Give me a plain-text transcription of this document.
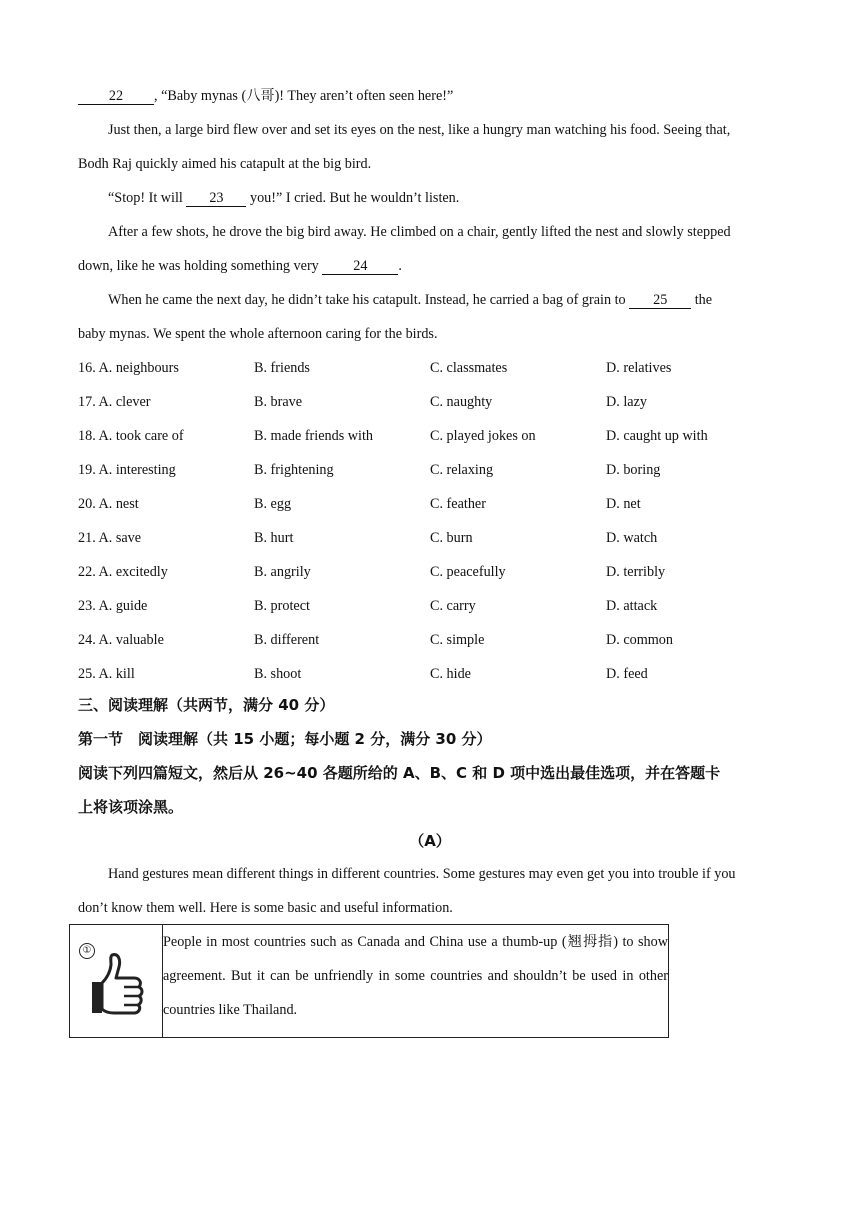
22 , “Baby mynas (八哥)! They aren’t often seen here!”
Just then, a large bird flew over and set its eyes on the nest, like a hungry man watching his food. Seeing that,
Bodh Raj quickly aimed his catapult at the big bird.
“Stop! It will 23 you!” I cried. But he wouldn’t listen.
After a few shots, he drove the big bird away. He climbed on a chair, gently lifted the nest and slowly stepped
down, like he was holding something very 24 .
When he came the next day, he didn’t take his catapult. Instead, he carried a bag of grain to 25 the
baby mynas. We spent the whole afternoon caring for the birds.
16. A. neighbours	B. friends	C. classmates	D. relatives
17. A. clever	B. brave	C. naughty	D. lazy
18. A. took care of	B. made friends with	C. played jokes on	D. caught up with
19. A. interesting	B. frightening	C. relaxing	D. boring
20. A. nest	B. egg	C. feather	D. net
21. A. save	B. hurt	C. burn	D. watch
22. A. excitedly	B. angrily	C. peacefully	D. terribly
23. A. guide	B. protect	C. carry	D. attack
24. A. valuable	B. different	C. simple	D. common
25. A. kill	B. shoot	C. hide	D. feed
三、阅读理解（共两节，满分 40 分）
第一节　阅读理解（共 15 小题；每小题 2 分，满分 30 分）
阅读下列四篇短文，然后从 26~40 各题所给的 A、B、C 和 D 项中选出最佳选项，并在答题卡
上将该项涂黑。
（A）
Hand gestures mean different things in different countries. Some gestures may even get you into trouble if you
don’t know them well. Here is some basic and useful information.
①
	People in most countries such as Canada and China use a thumb-up (翘拇指) to show agreement. But it can be unfriendly in some countries and shouldn’t be used in other countries like Thailand.
